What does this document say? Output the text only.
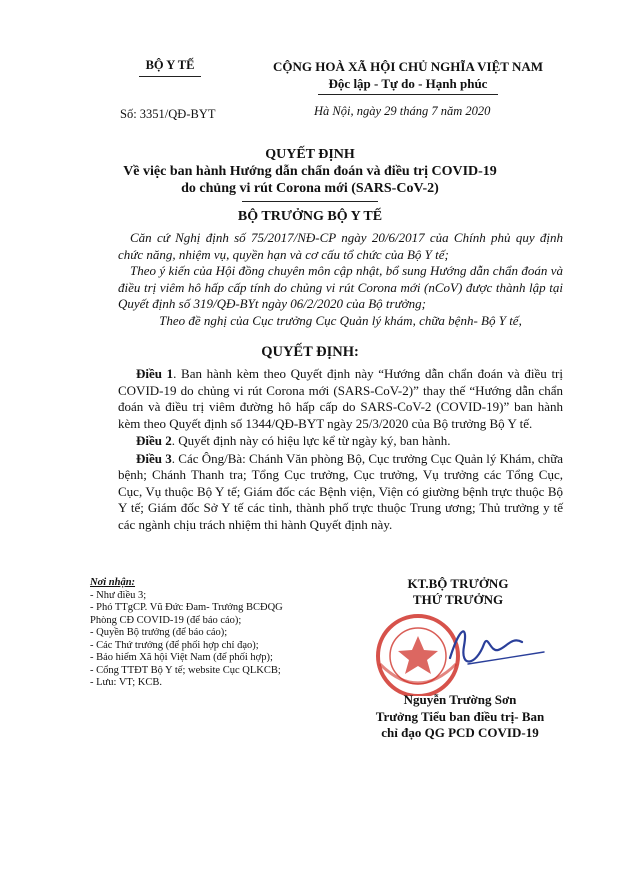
BỘ Y TẾ	CỘNG HOÀ XÃ HỘI CHỦ NGHĨA VIỆT NAM
Độc lập - Tự do - Hạnh phúc
Số: 3351/QĐ-BYT	Hà Nội, ngày 29 tháng 7 năm 2020
QUYẾT ĐỊNH
Về việc ban hành Hướng dẫn chẩn đoán và điều trị COVID-19
do chủng vi rút Corona mới (SARS-CoV-2)
BỘ TRƯỞNG BỘ Y TẾ

Căn cứ Nghị định số 75/2017/NĐ-CP ngày 20/6/2017 của Chính phủ quy định chức năng, nhiệm vụ, quyền hạn và cơ cấu tổ chức của Bộ Y tế;

Theo ý kiến của Hội đồng chuyên môn cập nhật, bổ sung Hướng dẫn chẩn đoán và điều trị viêm hô hấp cấp tính do chủng vi rút Corona mới (nCoV) được thành lập tại Quyết định số 319/QĐ-BYt ngày 06/2/2020 của Bộ trưởng;

Theo đề nghị của Cục trưởng Cục Quản lý khám, chữa bệnh- Bộ Y tế,

QUYẾT ĐỊNH:

Điều 1. Ban hành kèm theo Quyết định này “Hướng dẫn chẩn đoán và điều trị COVID-19 do chủng vi rút Corona mới (SARS-CoV-2)” thay thế “Hướng dẫn chẩn đoán và điều trị viêm đường hô hấp cấp do SARS-CoV-2 (COVID-19)” ban hành kèm theo Quyết định số 1344/QĐ-BYT ngày 25/3/2020 của Bộ trưởng Bộ Y tế.

Điều 2. Quyết định này có hiệu lực kể từ ngày ký, ban hành.

Điều 3. Các Ông/Bà: Chánh Văn phòng Bộ, Cục trưởng Cục Quản lý Khám, chữa bệnh; Chánh Thanh tra; Tổng Cục trưởng, Cục trưởng, Vụ trưởng các Tổng Cục, Cục, Vụ thuộc Bộ Y tế; Giám đốc các Bệnh viện, Viện có giường bệnh trực thuộc Bộ Y tế; Giám đốc Sở Y tế các tỉnh, thành phố trực thuộc Trung ương; Thủ trưởng y tế các ngành chịu trách nhiệm thi hành Quyết định này.

Nơi nhận:
- Như điều 3;
- Phó TTgCP. Vũ Đức Đam- Trưởng BCĐQG
Phòng CĐ COVID-19 (để báo cáo);
- Quyền Bộ trưởng (để báo cáo);
- Các Thứ trưởng (để phối hợp chỉ đạo);
- Bảo hiểm Xã hội Việt Nam (để phối hợp);
- Cổng TTĐT Bộ Y tế; website Cục QLKCB;
- Lưu: VT; KCB.
KT.BỘ TRƯỞNG
THỨ TRƯỞNG
Nguyễn Trường Sơn
Trưởng Tiểu ban điều trị- Ban
chỉ đạo QG PCD COVID-19
